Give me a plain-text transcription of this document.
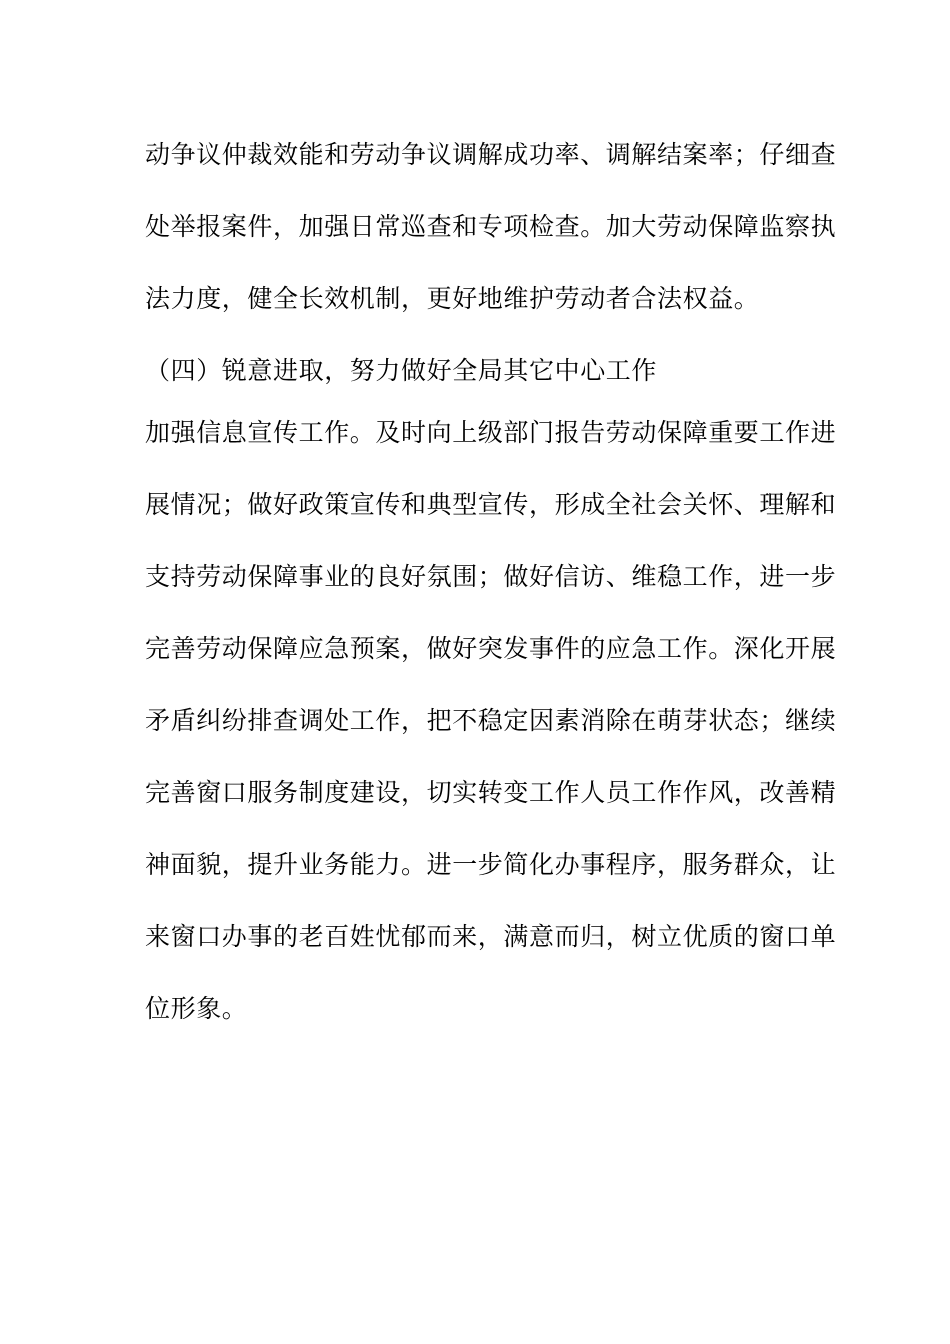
动争议仲裁效能和劳动争议调解成功率、调解结案率；仔细查
处举报案件，加强日常巡查和专项检查。加大劳动保障监察执
法力度，健全长效机制，更好地维护劳动者合法权益。
（四）锐意进取，努力做好全局其它中心工作
加强信息宣传工作。及时向上级部门报告劳动保障重要工作进
展情况；做好政策宣传和典型宣传，形成全社会关怀、理解和
支持劳动保障事业的良好氛围；做好信访、维稳工作，进一步
完善劳动保障应急预案，做好突发事件的应急工作。深化开展
矛盾纠纷排查调处工作，把不稳定因素消除在萌芽状态；继续
完善窗口服务制度建设，切实转变工作人员工作作风，改善精
神面貌，提升业务能力。进一步简化办事程序，服务群众，让
来窗口办事的老百姓忧郁而来，满意而归，树立优质的窗口单
位形象。
